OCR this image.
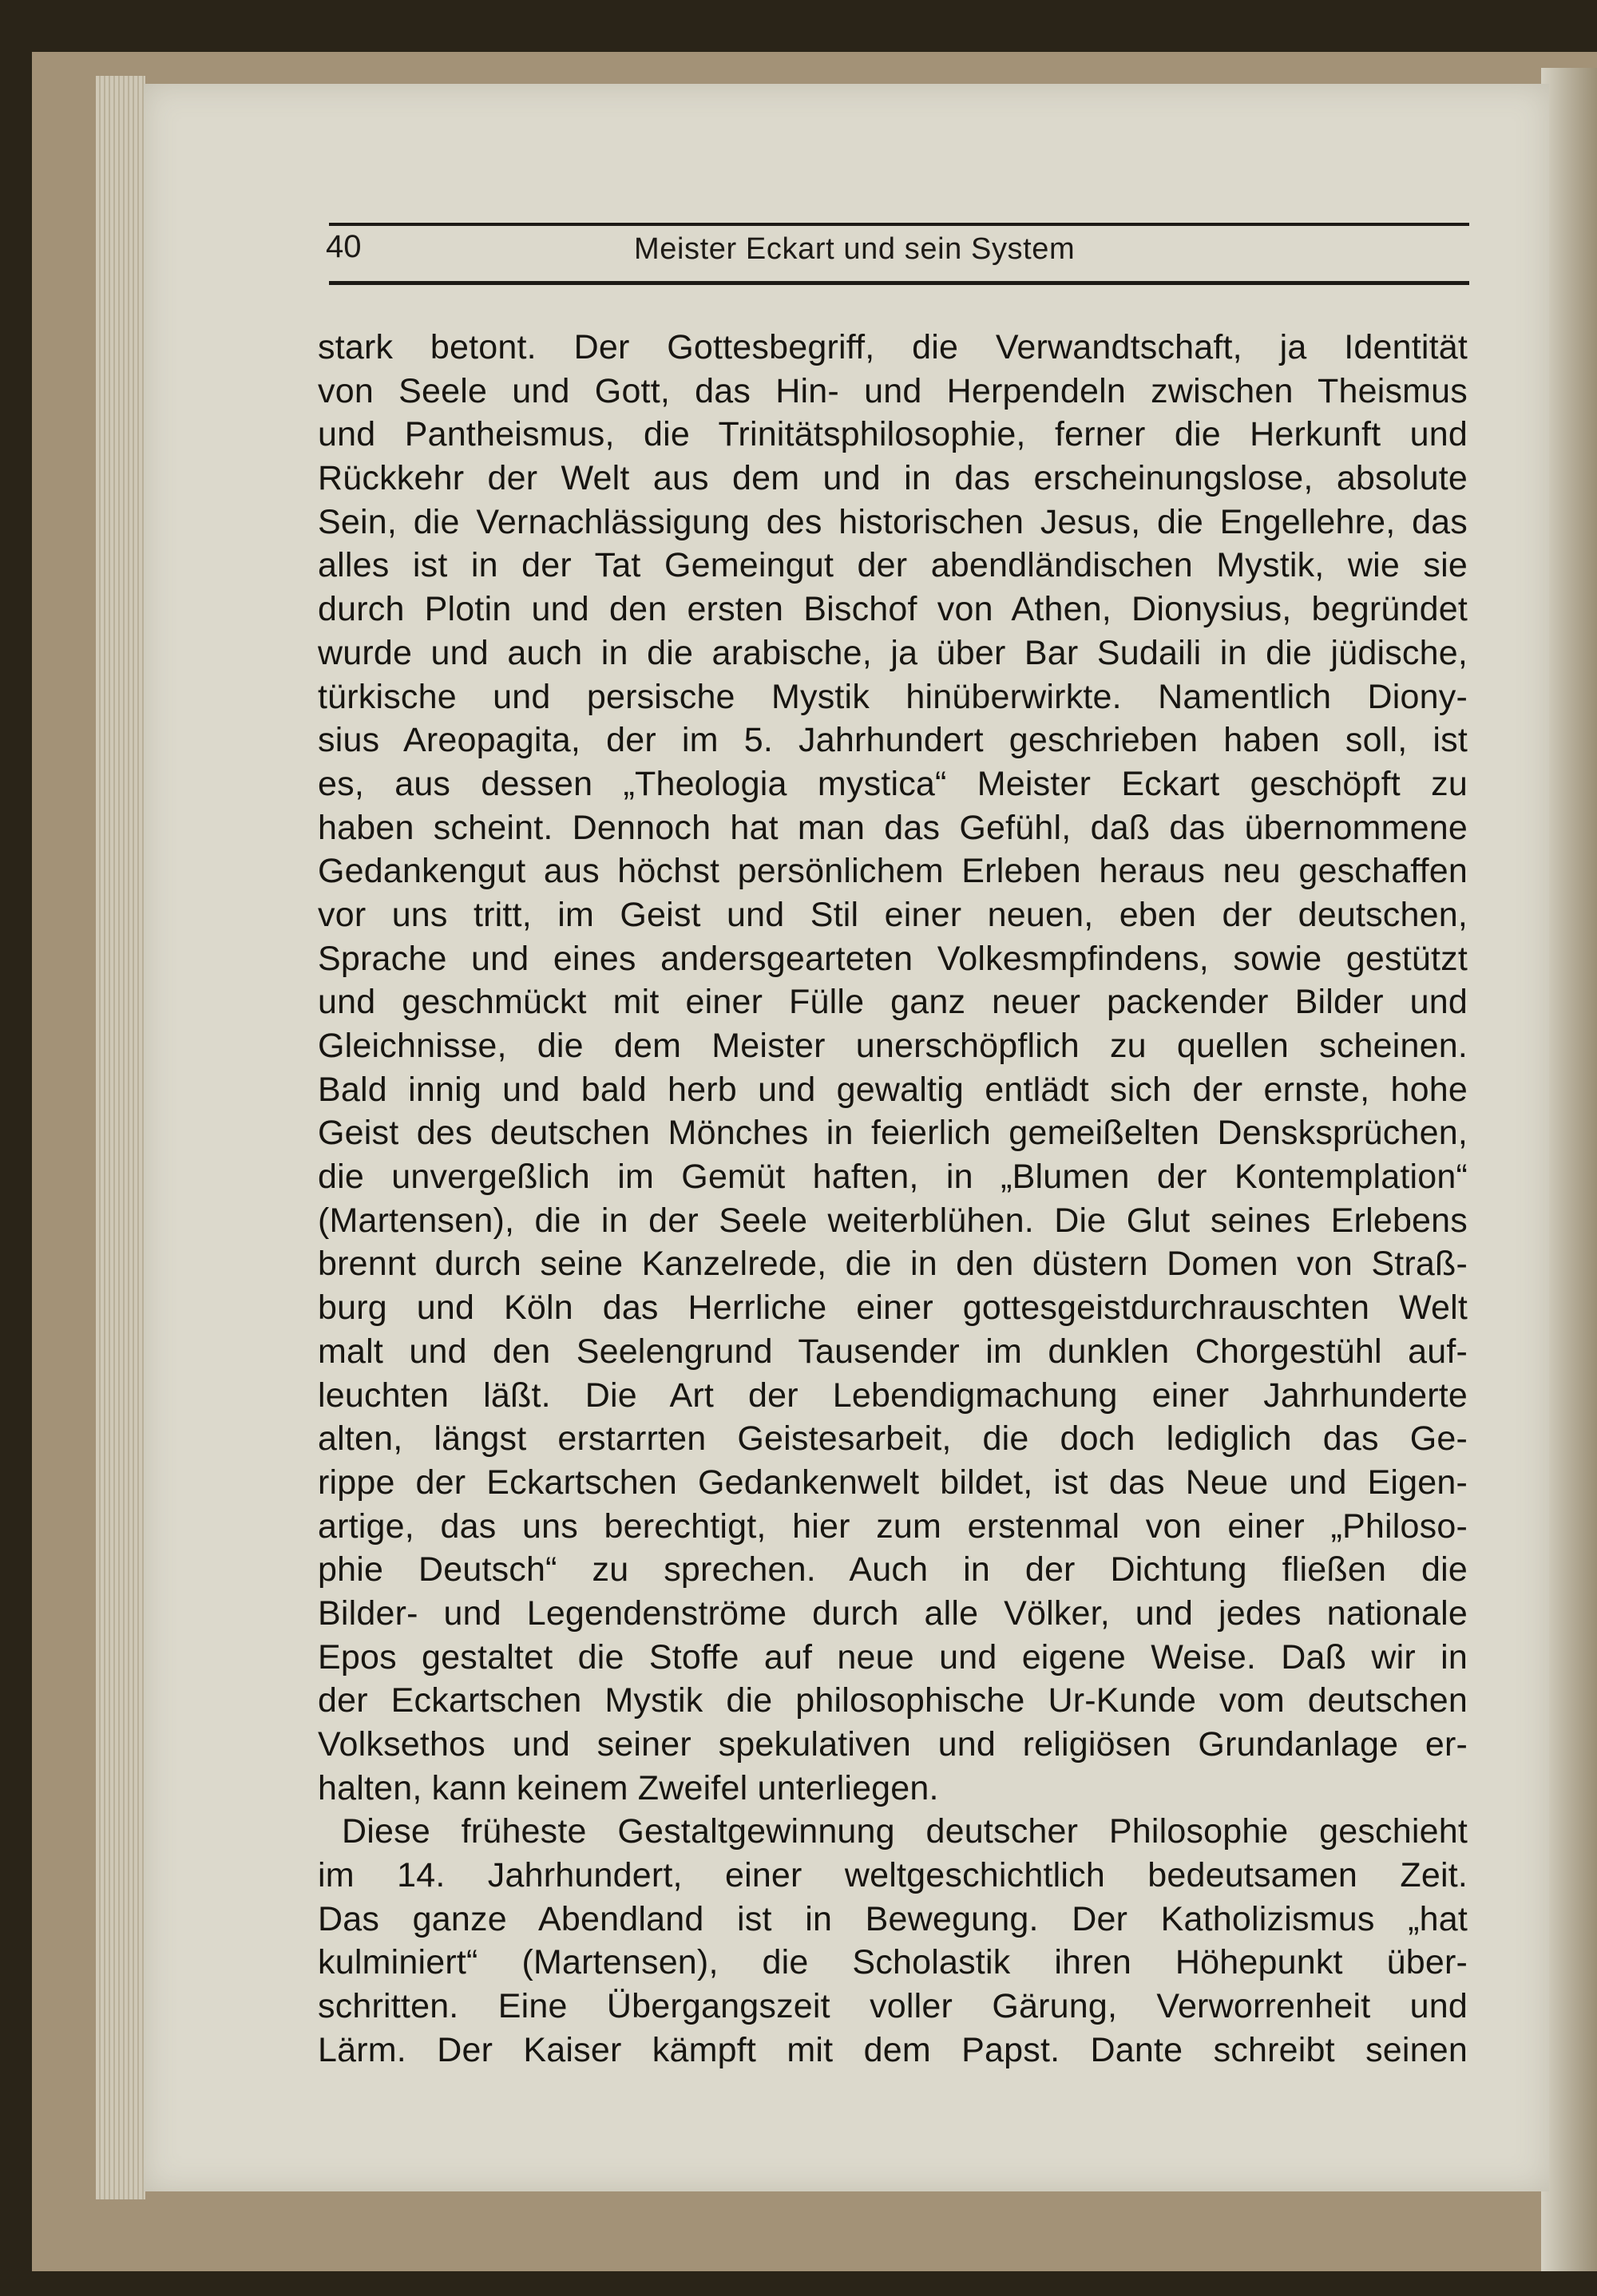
40	Meister Eckart und sein System
stark betont. Der Gottesbegriff, die Verwandtschaft, ja Identität
von Seele und Gott, das Hin- und Herpendeln zwischen Theismus
und Pantheismus, die Trinitätsphilosophie, ferner die Herkunft und
Rückkehr der Welt aus dem und in das erscheinungslose, absolute
Sein, die Vernachlässigung des historischen Jesus, die Engellehre, das
alles ist in der Tat Gemeingut der abendländischen Mystik, wie sie
durch Plotin und den ersten Bischof von Athen, Dionysius, begründet
wurde und auch in die arabische, ja über Bar Sudaili in die jüdische,
türkische und persische Mystik hinüberwirkte. Namentlich Diony-
sius Areopagita, der im 5. Jahrhundert geschrieben haben soll, ist
es, aus dessen „Theologia mystica“ Meister Eckart geschöpft zu
haben scheint. Dennoch hat man das Gefühl, daß das übernommene
Gedankengut aus höchst persönlichem Erleben heraus neu geschaffen
vor uns tritt, im Geist und Stil einer neuen, eben der deutschen,
Sprache und eines andersgearteten Volkesmpfindens, sowie gestützt
und geschmückt mit einer Fülle ganz neuer packender Bilder und
Gleichnisse, die dem Meister unerschöpflich zu quellen scheinen.
Bald innig und bald herb und gewaltig entlädt sich der ernste, hohe
Geist des deutschen Mönches in feierlich gemeißelten Densksprüchen,
die unvergeßlich im Gemüt haften, in „Blumen der Kontemplation“
(Martensen), die in der Seele weiterblühen. Die Glut seines Erlebens
brennt durch seine Kanzelrede, die in den düstern Domen von Straß-
burg und Köln das Herrliche einer gottesgeistdurchrauschten Welt
malt und den Seelengrund Tausender im dunklen Chorgestühl auf-
leuchten läßt. Die Art der Lebendigmachung einer Jahrhunderte
alten, längst erstarrten Geistesarbeit, die doch lediglich das Ge-
rippe der Eckartschen Gedankenwelt bildet, ist das Neue und Eigen-
artige, das uns berechtigt, hier zum erstenmal von einer „Philoso-
phie Deutsch“ zu sprechen. Auch in der Dichtung fließen die
Bilder- und Legendenströme durch alle Völker, und jedes nationale
Epos gestaltet die Stoffe auf neue und eigene Weise. Daß wir in
der Eckartschen Mystik die philosophische Ur-Kunde vom deutschen
Volksethos und seiner spekulativen und religiösen Grundanlage er-
halten, kann keinem Zweifel unterliegen.
Diese früheste Gestaltgewinnung deutscher Philosophie geschieht
im 14. Jahrhundert, einer weltgeschichtlich bedeutsamen Zeit.
Das ganze Abendland ist in Bewegung. Der Katholizismus „hat
kulminiert“ (Martensen), die Scholastik ihren Höhepunkt über-
schritten. Eine Übergangszeit voller Gärung, Verworrenheit und
Lärm. Der Kaiser kämpft mit dem Papst. Dante schreibt seinen
